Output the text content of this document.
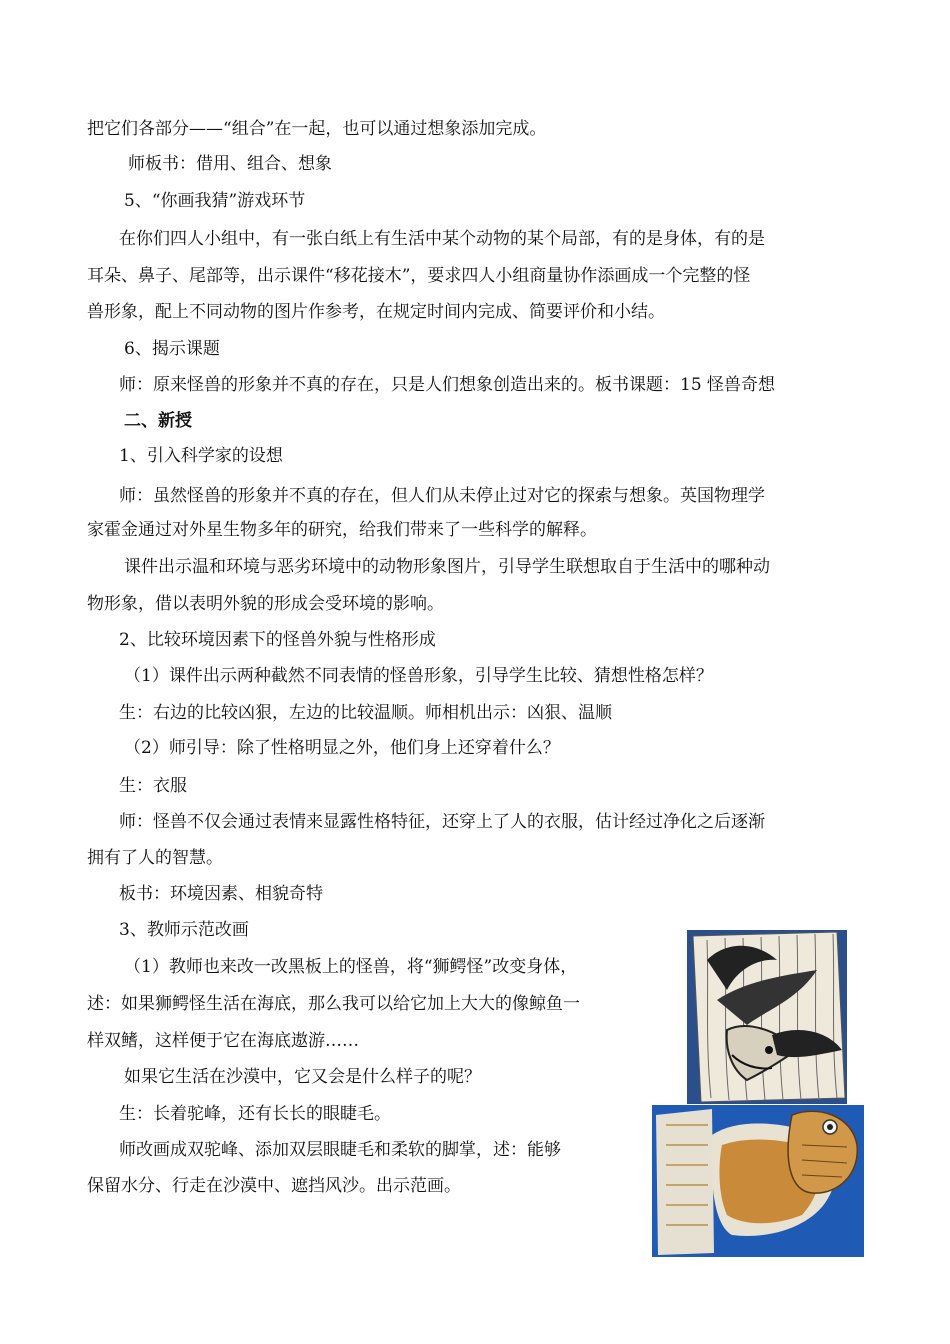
把它们各部分——“组合”在一起，也可以通过想象添加完成。

师板书：借用、组合、想象

5、“你画我猜”游戏环节

在你们四人小组中，有一张白纸上有生活中某个动物的某个局部，有的是身体，有的是

耳朵、鼻子、尾部等，出示课件“移花接木”，要求四人小组商量协作添画成一个完整的怪

兽形象，配上不同动物的图片作参考，在规定时间内完成、简要评价和小结。

6、揭示课题

师：原来怪兽的形象并不真的存在，只是人们想象创造出来的。板书课题：15 怪兽奇想

二、新授

1、引入科学家的设想

师：虽然怪兽的形象并不真的存在，但人们从未停止过对它的探索与想象。英国物理学

家霍金通过对外星生物多年的研究，给我们带来了一些科学的解释。

课件出示温和环境与恶劣环境中的动物形象图片，引导学生联想取自于生活中的哪种动

物形象，借以表明外貌的形成会受环境的影响。

2、比较环境因素下的怪兽外貌与性格形成

（1）课件出示两种截然不同表情的怪兽形象，引导学生比较、猜想性格怎样？

生：右边的比较凶狠，左边的比较温顺。师相机出示：凶狠、温顺

（2）师引导：除了性格明显之外，他们身上还穿着什么？

生：衣服

师：怪兽不仅会通过表情来显露性格特征，还穿上了人的衣服，估计经过净化之后逐渐

拥有了人的智慧。

板书：环境因素、相貌奇特

3、教师示范改画

（1）教师也来改一改黑板上的怪兽，将“狮鳄怪”改变身体，

述：如果狮鳄怪生活在海底，那么我可以给它加上大大的像鲸鱼一

样双鳍，这样便于它在海底遨游……

如果它生活在沙漠中，它又会是什么样子的呢？

生：长着驼峰，还有长长的眼睫毛。

师改画成双驼峰、添加双层眼睫毛和柔软的脚掌，述：能够

保留水分、行走在沙漠中、遮挡风沙。出示范画。
